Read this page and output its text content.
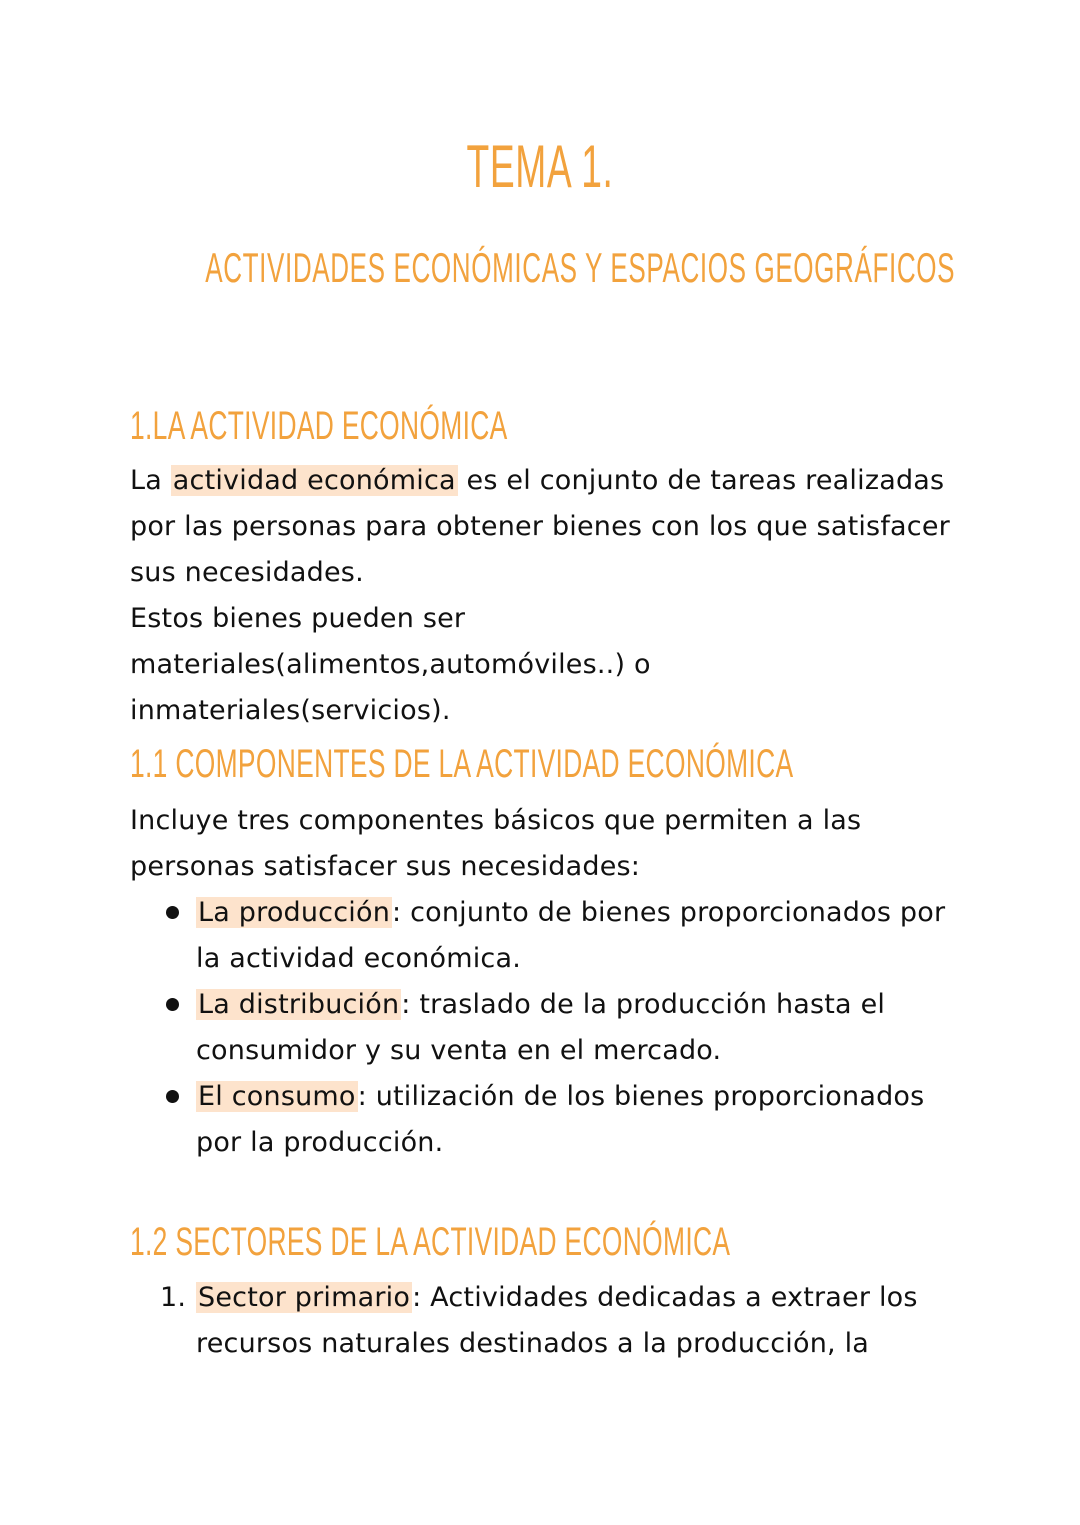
TEMA 1.
ACTIVIDADES ECONÓMICAS Y ESPACIOS GEOGRÁFICOS
1.LA ACTIVIDAD ECONÓMICA
La actividad económica es el conjunto de tareas realizadas por las personas para obtener bienes con los que satisfacer sus necesidades.
Estos bienes pueden ser materiales(alimentos,automóviles..) o inmateriales(servicios).
1.1 COMPONENTES DE LA ACTIVIDAD ECONÓMICA
Incluye tres componentes básicos que permiten a las personas satisfacer sus necesidades:
La producción: conjunto de bienes proporcionados por la actividad económica.
La distribución: traslado de la producción hasta el consumidor y su venta en el mercado.
El consumo: utilización de los bienes proporcionados por la producción.
1.2 SECTORES DE LA ACTIVIDAD ECONÓMICA
1. Sector primario: Actividades dedicadas a extraer los recursos naturales destinados a la producción, la
